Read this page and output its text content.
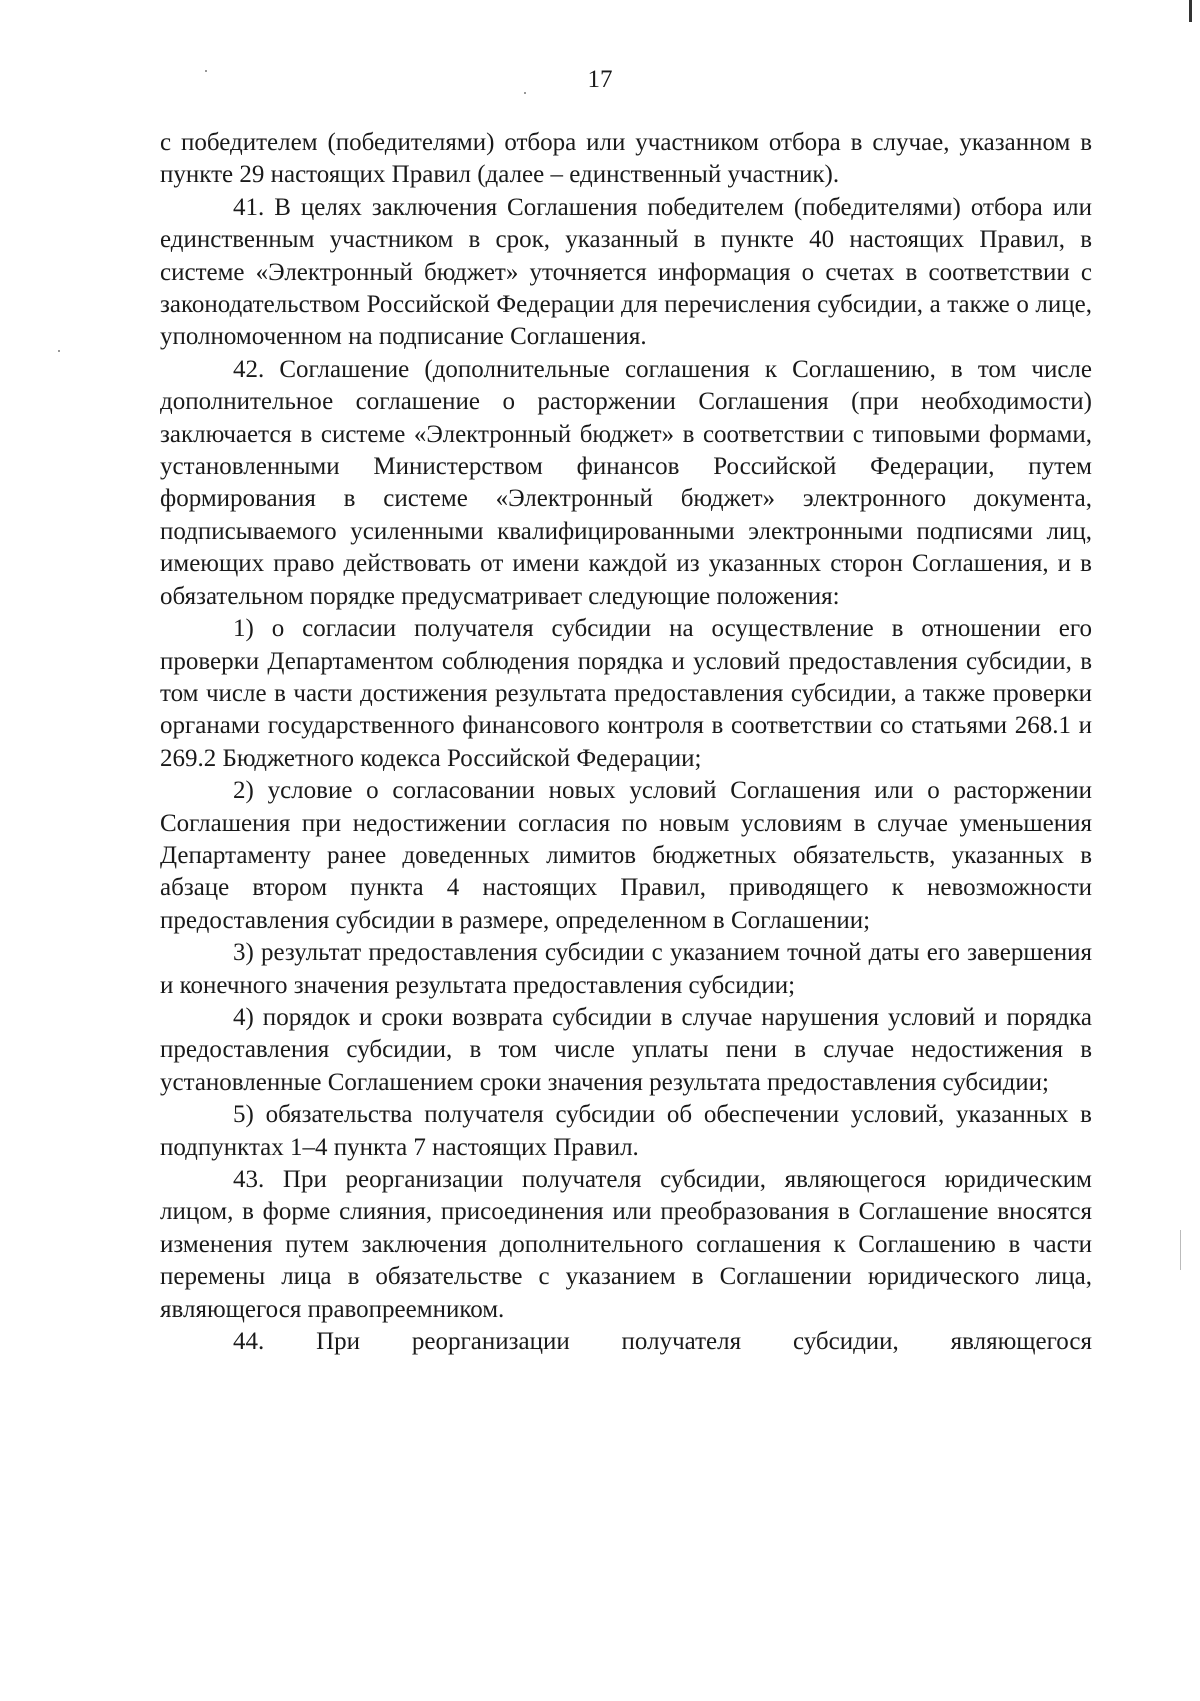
17

с победителем (победителями) отбора или участником отбора в случае, указанном в пункте 29 настоящих Правил (далее – единственный участник).

41. В целях заключения Соглашения победителем (победителями) отбора или единственным участником в срок, указанный в пункте 40 настоящих Правил, в системе «Электронный бюджет» уточняется информация о счетах в соответствии с законодательством Российской Федерации для перечисления субсидии, а также о лице, уполномоченном на подписание Соглашения.

42. Соглашение (дополнительные соглашения к Соглашению, в том числе дополнительное соглашение о расторжении Соглашения (при необходимости) заключается в системе «Электронный бюджет» в соответствии с типовыми формами, установленными Министерством финансов Российской Федерации, путем формирования в системе «Электронный бюджет» электронного документа, подписываемого усиленными квалифицированными электронными подписями лиц, имеющих право действовать от имени каждой из указанных сторон Соглашения, и в обязательном порядке предусматривает следующие положения:

1) о согласии получателя субсидии на осуществление в отношении его проверки Департаментом соблюдения порядка и условий предоставления субсидии, в том числе в части достижения результата предоставления субсидии, а также проверки органами государственного финансового контроля в соответствии со статьями 268.1 и 269.2 Бюджетного кодекса Российской Федерации;

2) условие о согласовании новых условий Соглашения или о расторжении Соглашения при недостижении согласия по новым условиям в случае уменьшения Департаменту ранее доведенных лимитов бюджетных обязательств, указанных в абзаце втором пункта 4 настоящих Правил, приводящего к невозможности предоставления субсидии в размере, определенном в Соглашении;

3) результат предоставления субсидии с указанием точной даты его завершения и конечного значения результата предоставления субсидии;

4) порядок и сроки возврата субсидии в случае нарушения условий и порядка предоставления субсидии, в том числе уплаты пени в случае недостижения в установленные Соглашением сроки значения результата предоставления субсидии;

5) обязательства получателя субсидии об обеспечении условий, указанных в подпунктах 1–4 пункта 7 настоящих Правил.

43. При реорганизации получателя субсидии, являющегося юридическим лицом, в форме слияния, присоединения или преобразования в Соглашение вносятся изменения путем заключения дополнительного соглашения к Соглашению в части перемены лица в обязательстве с указанием в Соглашении юридического лица, являющегося правопреемником.

44. При реорганизации получателя субсидии, являющегося
